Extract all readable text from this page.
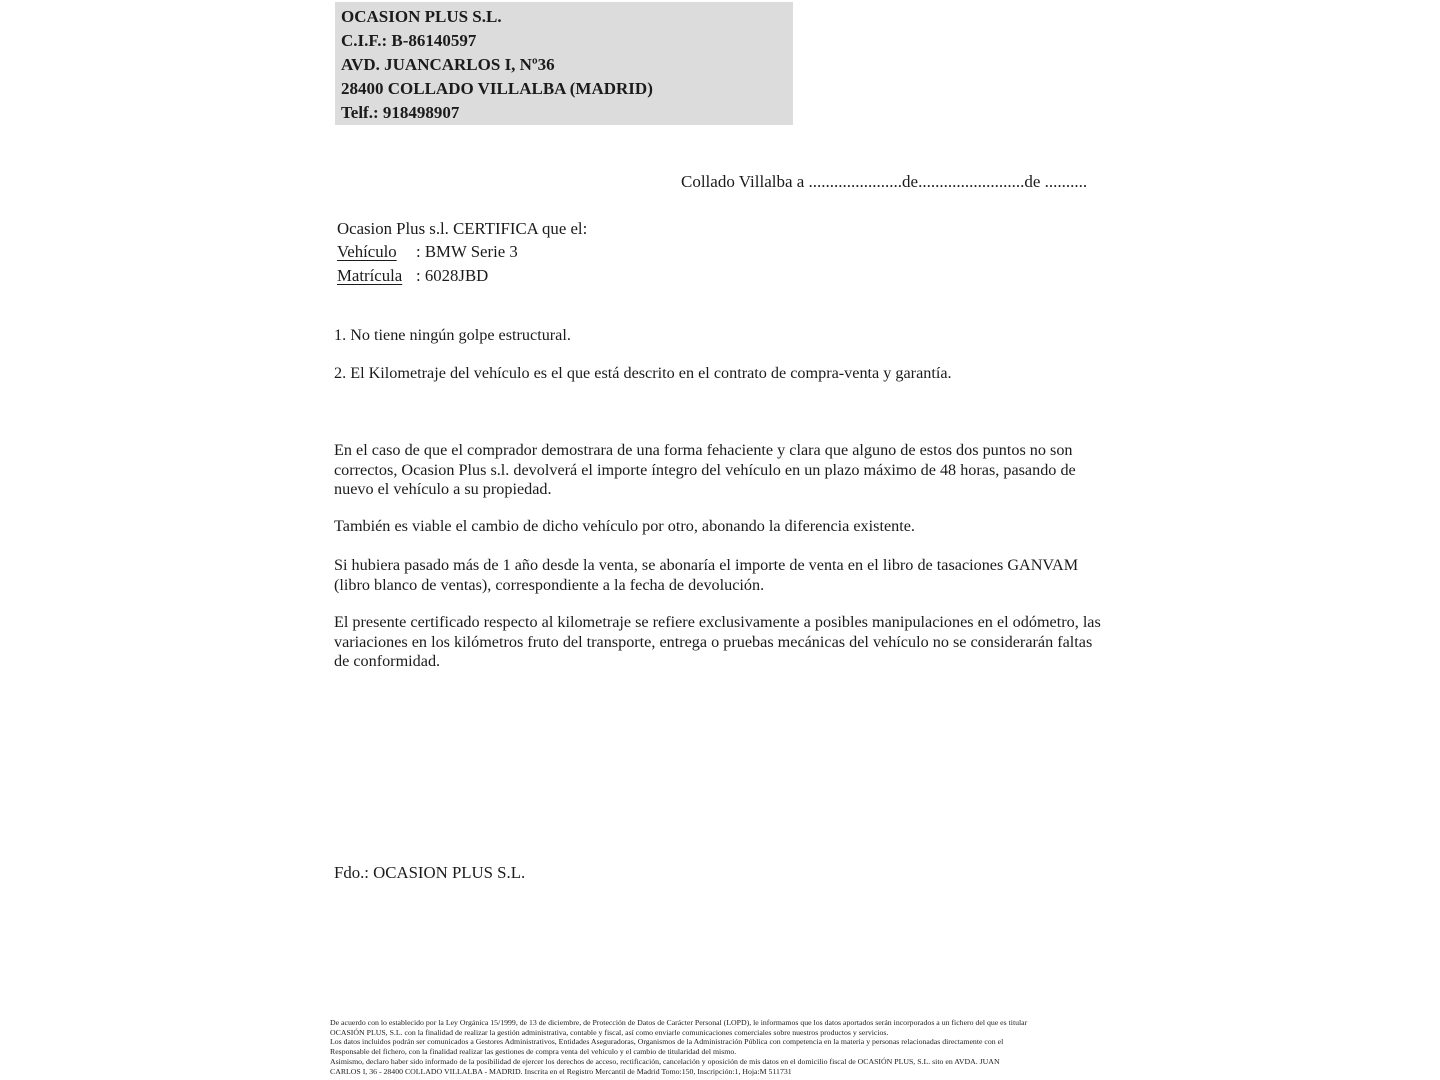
OCASION PLUS S.L.
C.I.F.: B-86140597
AVD. JUANCARLOS I, Nº36
28400 COLLADO VILLALBA (MADRID)
Telf.: 918498907
Collado Villalba a ......................de.........................de ..........
Ocasion Plus s.l. CERTIFICA que el:
Vehículo	: BMW Serie 3
Matrícula : 6028JBD
1. No tiene ningún golpe estructural.
2. El Kilometraje del vehículo es el que está descrito en el contrato de compra-venta y garantía.
En el caso de que el comprador demostrara de una forma fehaciente y clara que alguno de estos dos puntos no son correctos, Ocasion Plus s.l. devolverá el importe íntegro del vehículo en un plazo máximo de 48 horas, pasando de nuevo el vehículo a su propiedad.
También es viable el cambio de dicho vehículo por otro, abonando la diferencia existente.
Si hubiera pasado más de 1 año desde la venta, se abonaría el importe de venta en el libro de tasaciones GANVAM (libro blanco de ventas), correspondiente a la fecha de devolución.
El presente certificado respecto al kilometraje se refiere exclusivamente a posibles manipulaciones en el odómetro, las variaciones en los kilómetros fruto del transporte, entrega o pruebas mecánicas del vehículo no se considerarán faltas de conformidad.
Fdo.: OCASION PLUS S.L.
De acuerdo con lo establecido por la Ley Orgánica 15/1999, de 13 de diciembre, de Protección de Datos de Carácter Personal (LOPD), le informamos que los datos aportados serán incorporados a un fichero del que es titular
OCASIÓN PLUS, S.L. con la finalidad de realizar la gestión administrativa, contable y fiscal, así como enviarle comunicaciones comerciales sobre nuestros productos y servicios.
Los datos incluidos podrán ser comunicados a Gestores Administrativos, Entidades Aseguradoras, Organismos de la Administración Pública con competencia en la materia y personas relacionadas directamente con el
Responsable del fichero, con la finalidad realizar las gestiones de compra venta del vehículo y el cambio de titularidad del mismo.
Asimismo, declaro haber sido informado de la posibilidad de ejercer los derechos de acceso, rectificación, cancelación y oposición de mis datos en el domicilio fiscal de OCASIÓN PLUS, S.L. sito en AVDA. JUAN
CARLOS I, 36 - 28400 COLLADO VILLALBA - MADRID. Inscrita en el Registro Mercantil de Madrid Tomo:150, Inscripción:1, Hoja:M 511731
